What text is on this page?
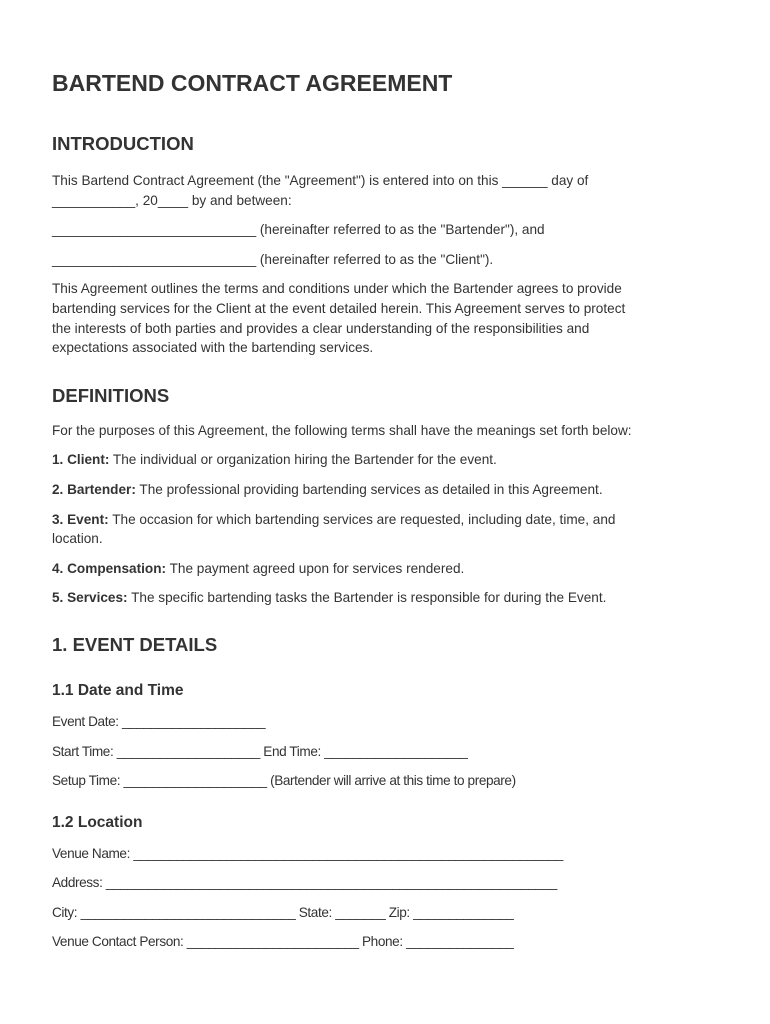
BARTEND CONTRACT AGREEMENT
INTRODUCTION

This Bartend Contract Agreement (the "Agreement") is entered into on this ______ day of
___________, 20____ by and between:

___________________________ (hereinafter referred to as the "Bartender"), and

___________________________ (hereinafter referred to as the "Client").

This Agreement outlines the terms and conditions under which the Bartender agrees to provide
bartending services for the Client at the event detailed herein. This Agreement serves to protect
the interests of both parties and provides a clear understanding of the responsibilities and
expectations associated with the bartending services.

DEFINITIONS

For the purposes of this Agreement, the following terms shall have the meanings set forth below:

1. Client: The individual or organization hiring the Bartender for the event.

2. Bartender: The professional providing bartending services as detailed in this Agreement.

3. Event: The occasion for which bartending services are requested, including date, time, and
location.

4. Compensation: The payment agreed upon for services rendered.

5. Services: The specific bartending tasks the Bartender is responsible for during the Event.

1. EVENT DETAILS
1.1 Date and Time

Event Date: ____________________

Start Time: ____________________ End Time: ____________________

Setup Time: ____________________ (Bartender will arrive at this time to prepare)

1.2 Location

Venue Name: ____________________________________________________________

Address: _______________________________________________________________

City: ______________________________ State: _______ Zip: ______________

Venue Contact Person: ________________________ Phone: _______________
